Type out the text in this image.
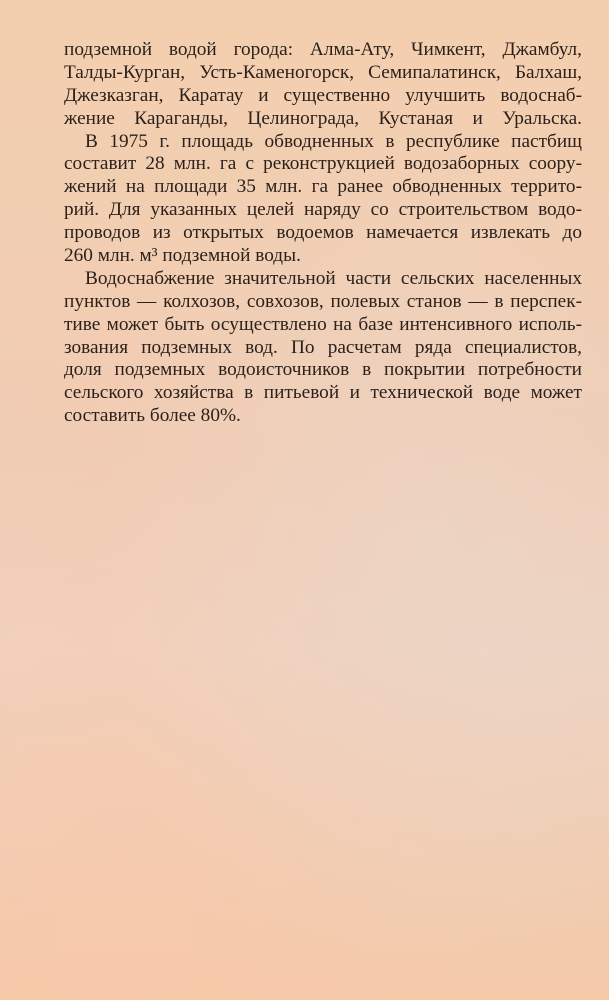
подземной водой города: Алма-Ату, Чимкент, Джамбул,
Талды-Курган, Усть-Каменогорск, Семипалатинск, Балхаш,
Джезказган, Каратау и существенно улучшить водоснаб-
жение Караганды, Целинограда, Кустаная и Уральска.
В 1975 г. площадь обводненных в республике пастбищ
составит 28 млн. га с реконструкцией водозаборных соору-
жений на площади 35 млн. га ранее обводненных террито-
рий. Для указанных целей наряду со строительством водо-
проводов из открытых водоемов намечается извлекать до
260 млн. м³ подземной воды.
Водоснабжение значительной части сельских населенных
пунктов — колхозов, совхозов, полевых станов — в перспек-
тиве может быть осуществлено на базе интенсивного исполь-
зования подземных вод. По расчетам ряда специалистов,
доля подземных водоисточников в покрытии потребности
сельского хозяйства в питьевой и технической воде может
составить более 80%.
